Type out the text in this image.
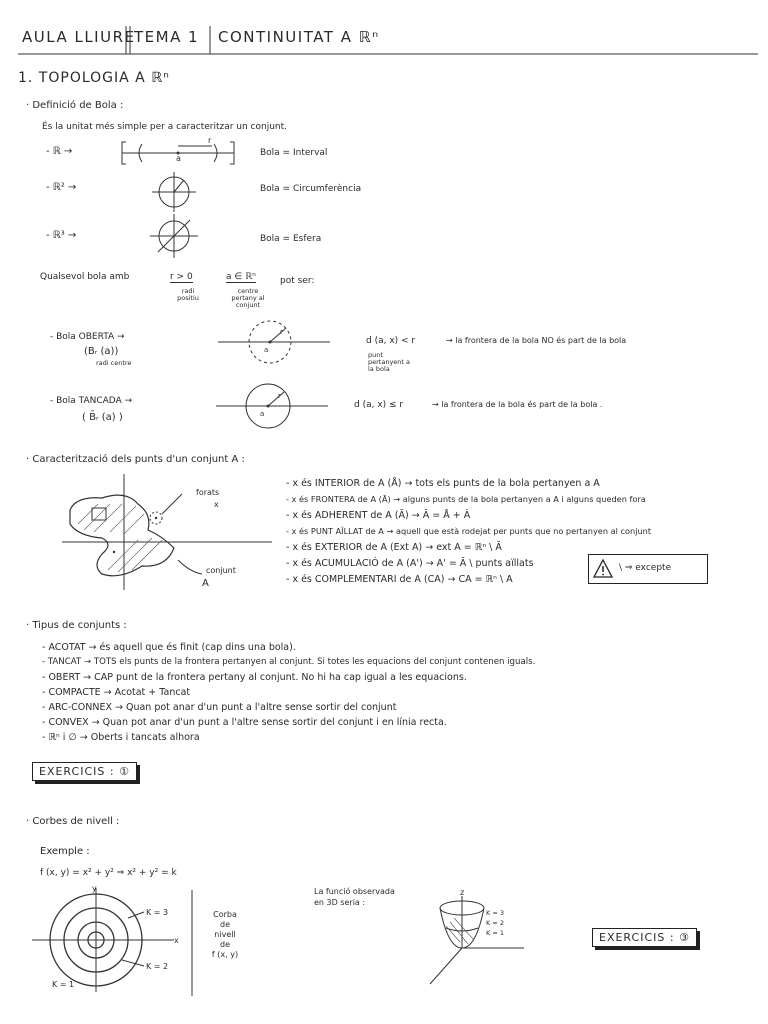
AULA LLIURE
TEMA 1 CONTINUITAT A ℝⁿ
1. TOPOLOGIA A ℝⁿ
· Definició de Bola :
És la unitat més simple per a caracteritzar un conjunt.
- ℝ →
r
a
Bola = Interval
- ℝ² →	Bola = Circumferència
- ℝ³ →	Bola = Esfera
Qualsevol bola amb	r > 0
radi positiu
a ∈ ℝⁿ
centre pertany al conjunt
pot ser:
- Bola OBERTA →
(Bᵣ (a))
radi centre
r
a
d (a, x) < r
punt pertanyent a la bola
→ la frontera de la bola NO és part de la bola
- Bola TANCADA →
( B̄ᵣ (a) )
r
a
d (a, x) ≤ r	→ la frontera de la bola és part de la bola .
· Caracterització dels punts d'un conjunt A :
forats
x
conjunt
A
- x és INTERIOR de A (Å) → tots els punts de la bola pertanyen a A
- x és FRONTERA de A (Ā) → alguns punts de la bola pertanyen a A i alguns queden fora
- x és ADHERENT de A (Ā) → Ā = Å + Ȧ
- x és PUNT AÏLLAT de A → aquell que està rodejat per punts que no pertanyen al conjunt
- x és EXTERIOR de A (Ext A) → ext A = ℝⁿ \ Ā
- x és ACUMULACIÓ de A (A') → A' = Ā \ punts aïllats
- x és COMPLEMENTARI de A (CA) → CA = ℝⁿ \ A
\ ⇒ excepte
· Tipus de conjunts :
- ACOTAT → és aquell que és finit (cap dins una bola).
- TANCAT → TOTS els punts de la frontera pertanyen al conjunt. Si totes les equacions del conjunt contenen iguals.
- OBERT → CAP punt de la frontera pertany al conjunt. No hi ha cap igual a les equacions.
- COMPACTE → Acotat + Tancat
- ARC-CONNEX → Quan pot anar d'un punt a l'altre sense sortir del conjunt
- CONVEX → Quan pot anar d'un punt a l'altre sense sortir del conjunt i en línia recta.
- ℝⁿ i ∅ → Oberts i tancats alhora
EXERCICIS : ①
· Corbes de nivell :
Exemple :
f (x, y) = x² + y² ⇒ x² + y² = k
y
x
K = 3
K = 2
K = 1
Corba
de
nivell
de
f (x, y)
La funció observada
en 3D seria :
z
K = 3
K = 2
K = 1	EXERCICIS : ③
